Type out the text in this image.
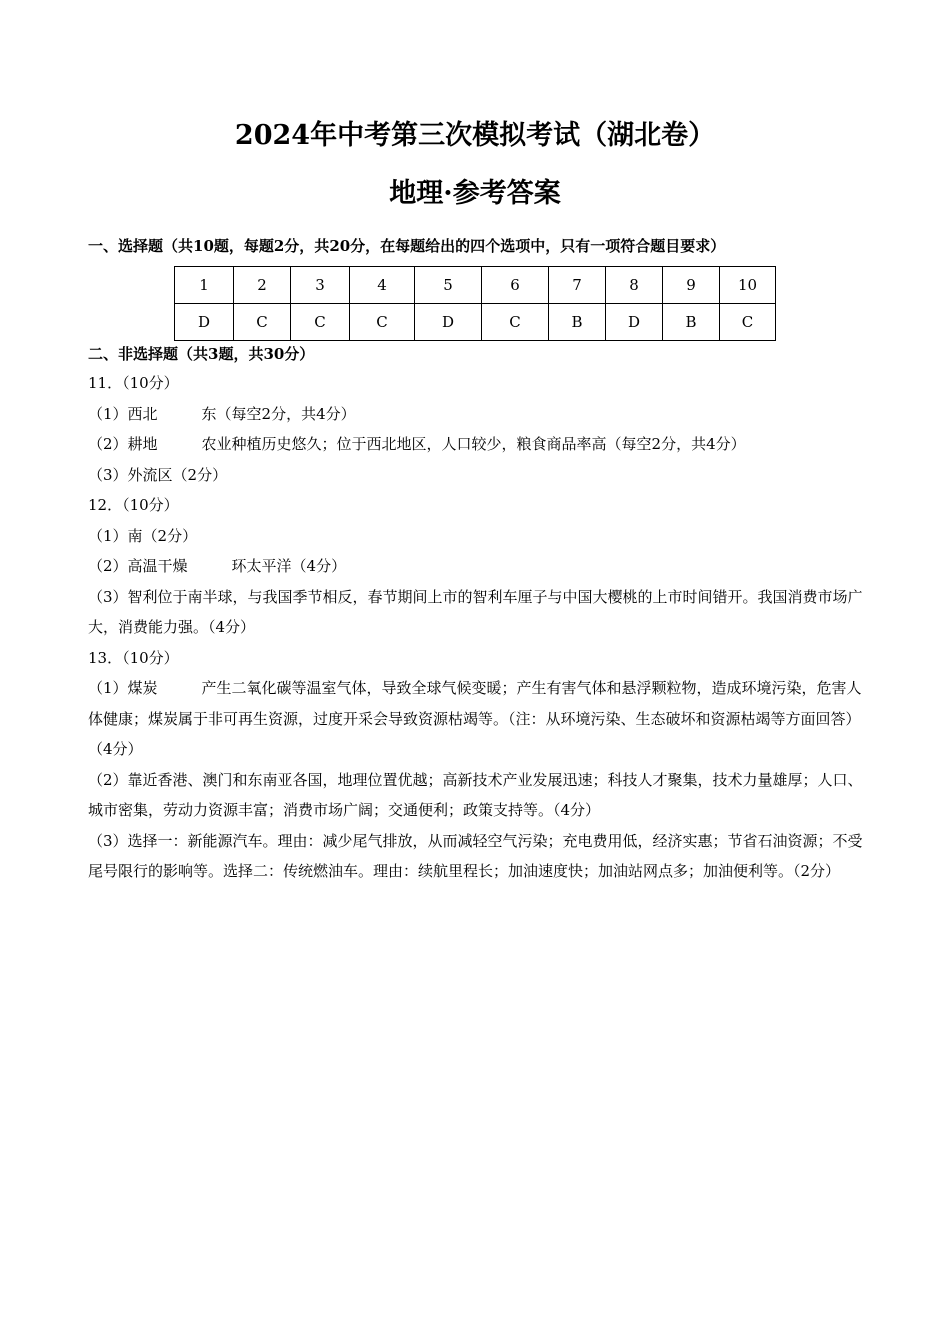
2024年中考第三次模拟考试（湖北卷）
地理·参考答案

一、选择题（共10题，每题2分，共20分，在每题给出的四个选项中，只有一项符合题目要求）

1	2	3	4	5	6	7	8	9	10
D	C	C	C	D	C	B	D	B	C

二、非选择题（共3题，共30分）

11．（10分）

（1）西北	东（每空2分，共4分）

（2）耕地	农业种植历史悠久；位于西北地区，人口较少，粮食商品率高（每空2分，共4分）

（3）外流区（2分）

12．（10分）

（1）南（2分）

（2）高温干燥	环太平洋（4分）

（3）智利位于南半球，与我国季节相反，春节期间上市的智利车厘子与中国大樱桃的上市时间错开。我国消费市场广大，消费能力强。（4分）

13．（10分）

（1）煤炭	产生二氧化碳等温室气体，导致全球气候变暖；产生有害气体和悬浮颗粒物，造成环境污染，危害人体健康；煤炭属于非可再生资源，过度开采会导致资源枯竭等。（注：从环境污染、生态破坏和资源枯竭等方面回答）（4分）

（2）靠近香港、澳门和东南亚各国，地理位置优越；高新技术产业发展迅速；科技人才聚集，技术力量雄厚；人口、城市密集，劳动力资源丰富；消费市场广阔；交通便利；政策支持等。（4分）

（3）选择一：新能源汽车。理由：减少尾气排放，从而减轻空气污染；充电费用低，经济实惠；节省石油资源；不受尾号限行的影响等。选择二：传统燃油车。理由：续航里程长；加油速度快；加油站网点多；加油便利等。（2分）
